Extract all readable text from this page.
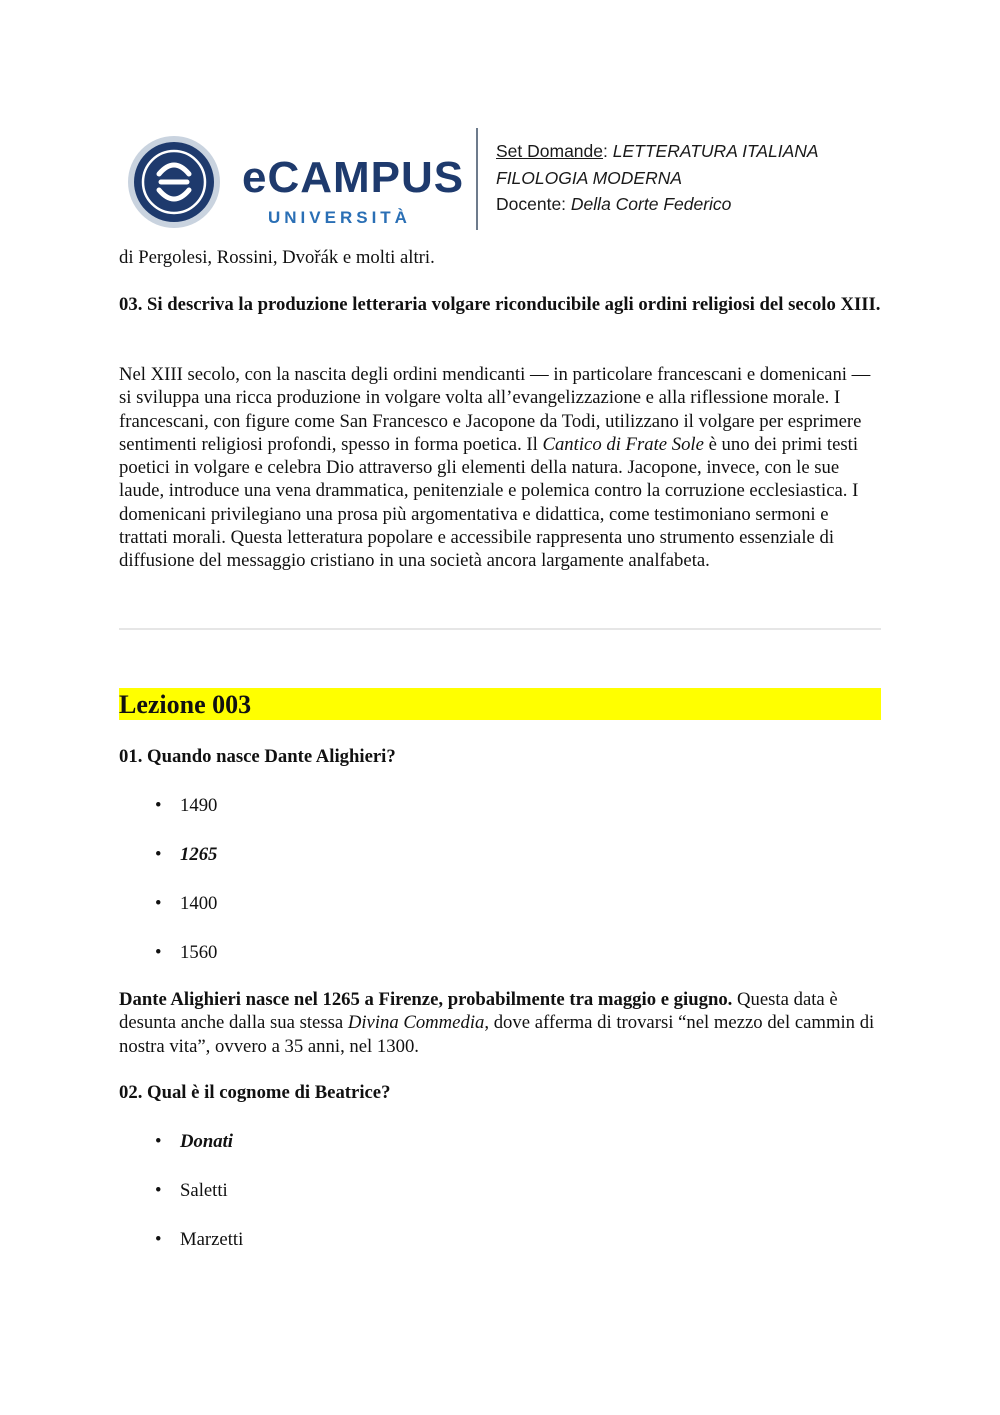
eCAMPUS
UNIVERSITÀ
Set Domande: LETTERATURA ITALIANA
FILOLOGIA MODERNA
Docente: Della Corte Federico

di Pergolesi, Rossini, Dvořák e molti altri.

03. Si descriva la produzione letteraria volgare riconducibile agli ordini religiosi del secolo XIII.

Nel XIII secolo, con la nascita degli ordini mendicanti — in particolare francescani e domenicani — si sviluppa una ricca produzione in volgare volta all’evangelizzazione e alla riflessione morale. I francescani, con figure come San Francesco e Jacopone da Todi, utilizzano il volgare per esprimere sentimenti religiosi profondi, spesso in forma poetica. Il Cantico di Frate Sole è uno dei primi testi poetici in volgare e celebra Dio attraverso gli elementi della natura. Jacopone, invece, con le sue laude, introduce una vena drammatica, penitenziale e polemica contro la corruzione ecclesiastica. I domenicani privilegiano una prosa più argomentativa e didattica, come testimoniano sermoni e trattati morali. Questa letteratura popolare e accessibile rappresenta uno strumento essenziale di diffusione del messaggio cristiano in una società ancora largamente analfabeta.

Lezione 003

01. Quando nasce Dante Alighieri?

• 1490
• 1265
• 1400
• 1560

Dante Alighieri nasce nel 1265 a Firenze, probabilmente tra maggio e giugno. Questa data è desunta anche dalla sua stessa Divina Commedia, dove afferma di trovarsi “nel mezzo del cammin di nostra vita”, ovvero a 35 anni, nel 1300.

02. Qual è il cognome di Beatrice?

• Donati
• Saletti
• Marzetti
